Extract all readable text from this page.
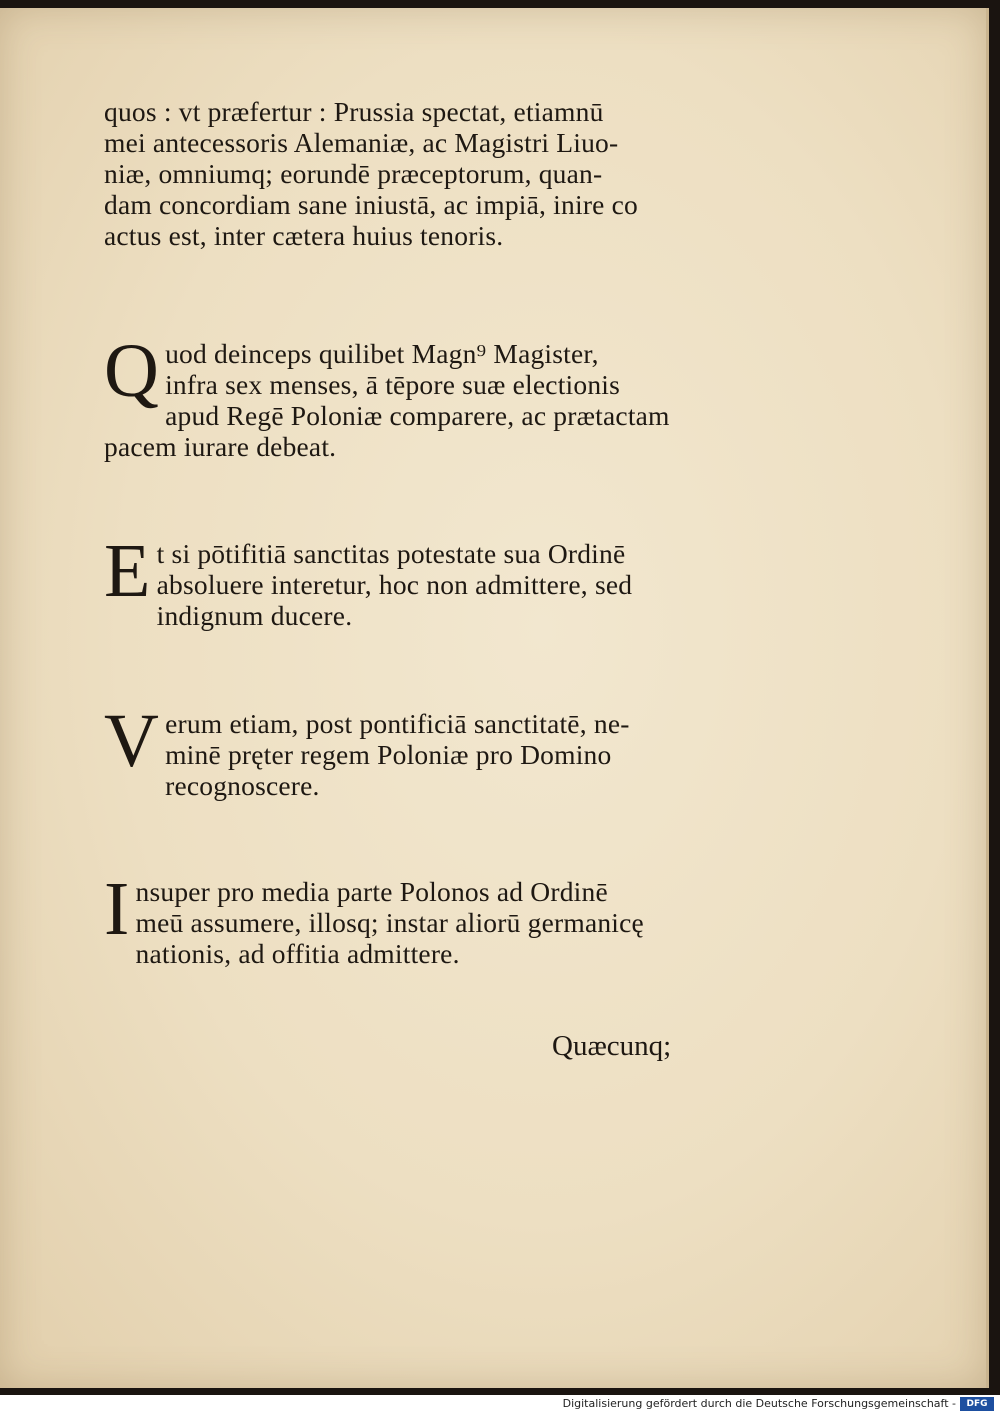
quos : vt præfertur : Prussia spectat, etiamnū
mei antecessoris Alemaniæ, ac Magistri Liuo-
niæ, omniumq; eorundē præceptorum, quan-
dam concordiam sane iniustā, ac impiā, inire co
actus est, inter cætera huius tenoris.
Q uod deinceps quilibet Magn⁹ Magister,
infra sex menses, ā tēpore suæ electionis
apud Regē Poloniæ comparere, ac prætactam
pacem iurare debeat.
E t si pōtifitiā sanctitas potestate sua Ordinē
absoluere interetur, hoc non admittere, sed
indignum ducere.
V erum etiam, post pontificiā sanctitatē, ne-
minē pręter regem Poloniæ pro Domino
recognoscere.
I nsuper pro media parte Polonos ad Ordinē
meū assumere, illosq; instar aliorū germanicę
nationis, ad offitia admittere.
Quæcunq;
Digitalisierung gefördert durch die Deutsche Forschungsgemeinschaft -	DFG
